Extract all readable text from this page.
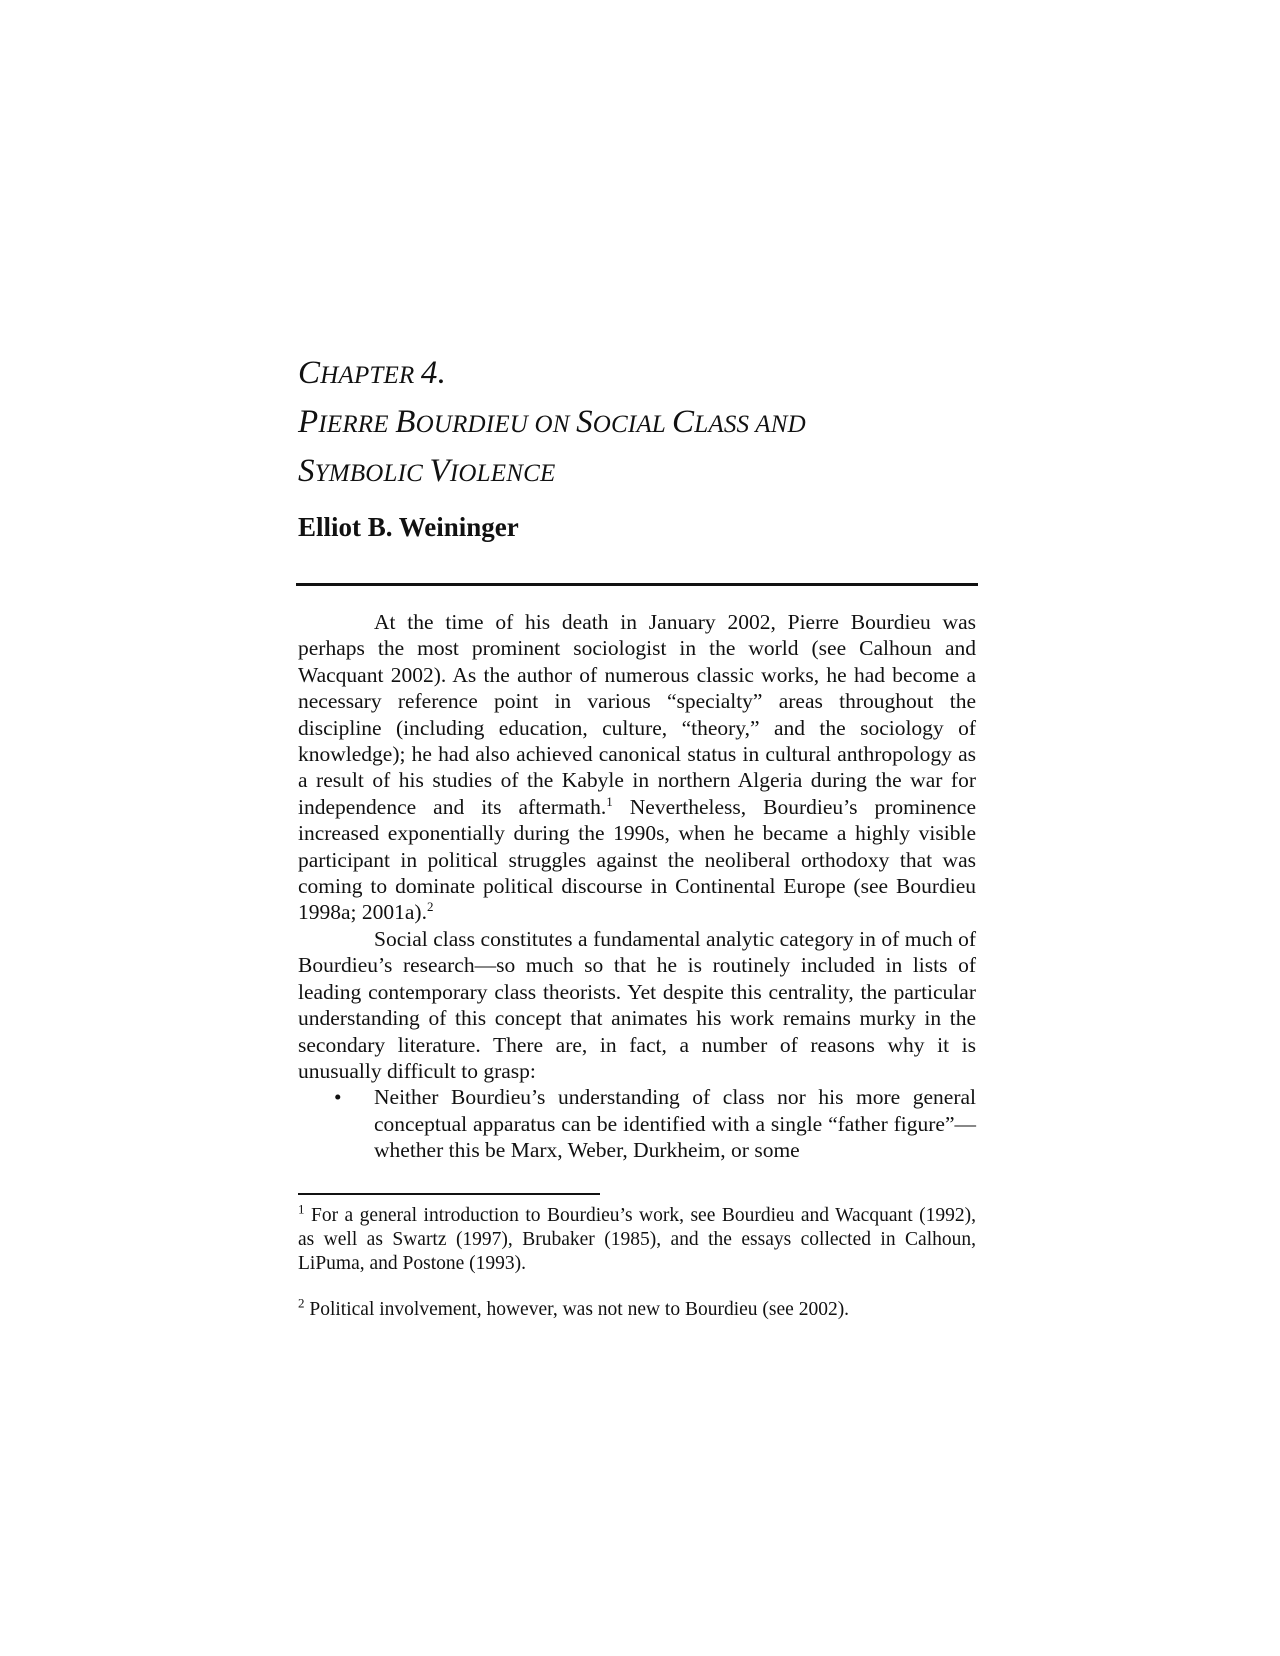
CHAPTER 4.
PIERRE BOURDIEU ON SOCIAL CLASS AND
SYMBOLIC VIOLENCE
Elliot B. Weininger

At the time of his death in January 2002, Pierre Bourdieu was perhaps the most prominent sociologist in the world (see Calhoun and Wacquant 2002). As the author of numerous classic works, he had become a necessary reference point in various “specialty” areas throughout the discipline (including education, culture, “theory,” and the sociology of knowledge); he had also achieved canonical status in cultural anthropology as a result of his studies of the Kabyle in northern Algeria during the war for independence and its aftermath.$^1$ Nevertheless, Bourdieu’s prominence increased exponentially during the 1990s, when he became a highly visible participant in political struggles against the neoliberal orthodoxy that was coming to dominate political discourse in Continental Europe (see Bourdieu 1998a; 2001a).$^2$

Social class constitutes a fundamental analytic category in of much of Bourdieu’s research—so much so that he is routinely included in lists of leading contemporary class theorists. Yet despite this centrality, the particular understanding of this concept that animates his work remains murky in the secondary literature. There are, in fact, a number of reasons why it is unusually difficult to grasp:

• Neither Bourdieu’s understanding of class nor his more general conceptual apparatus can be identified with a single “father figure”—whether this be Marx, Weber, Durkheim, or some
$^1$ For a general introduction to Bourdieu’s work, see Bourdieu and Wacquant (1992), as well as Swartz (1997), Brubaker (1985), and the essays collected in Calhoun, LiPuma, and Postone (1993).
$^2$ Political involvement, however, was not new to Bourdieu (see 2002).
